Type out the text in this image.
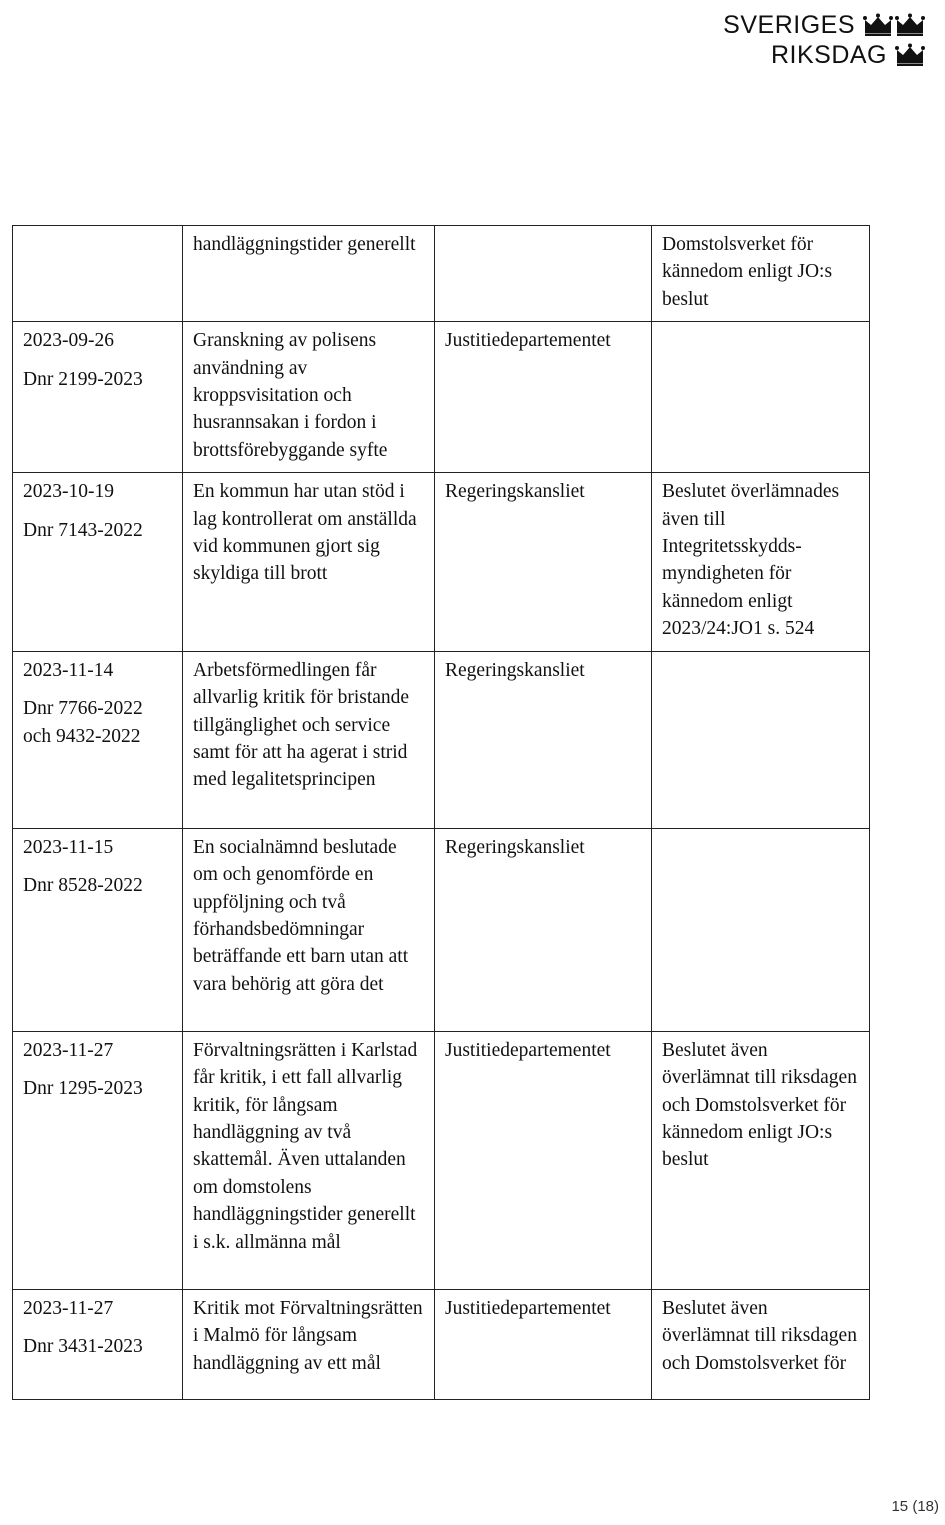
SVERIGES
RIKSDAG
	handläggningstider generellt		Domstolsverket för kännedom enligt JO:s beslut

2023-09-26
Dnr 2199-2023	Granskning av polisens användning av kroppsvisitation och husrannsakan i fordon i brottsförebyggande syfte	Justitiedepartementet	

2023-10-19
Dnr 7143-2022	En kommun har utan stöd i lag kontrollerat om anställda vid kommunen gjort sig skyldiga till brott	Regeringskansliet	Beslutet överlämnades även till Integritetsskydds-myndigheten för kännedom enligt 2023/24:JO1 s. 524

2023-11-14
Dnr 7766-2022
och 9432-2022	Arbetsförmedlingen får allvarlig kritik för bristande tillgänglighet och service samt för att ha agerat i strid med legalitetsprincipen	Regeringskansliet	

2023-11-15
Dnr 8528-2022	En socialnämnd beslutade om och genomförde en uppföljning och två förhandsbedömningar beträffande ett barn utan att vara behörig att göra det	Regeringskansliet	

2023-11-27
Dnr 1295-2023	Förvaltningsrätten i Karlstad får kritik, i ett fall allvarlig kritik, för långsam handläggning av två skattemål. Även uttalanden om domstolens handläggningstider generellt i s.k. allmänna mål	Justitiedepartementet	Beslutet även överlämnat till riksdagen och Domstolsverket för kännedom enligt JO:s beslut

2023-11-27
Dnr 3431-2023	Kritik mot Förvaltningsrätten i Malmö för långsam handläggning av ett mål	Justitiedepartementet	Beslutet även överlämnat till riksdagen och Domstolsverket för
15 (18)
